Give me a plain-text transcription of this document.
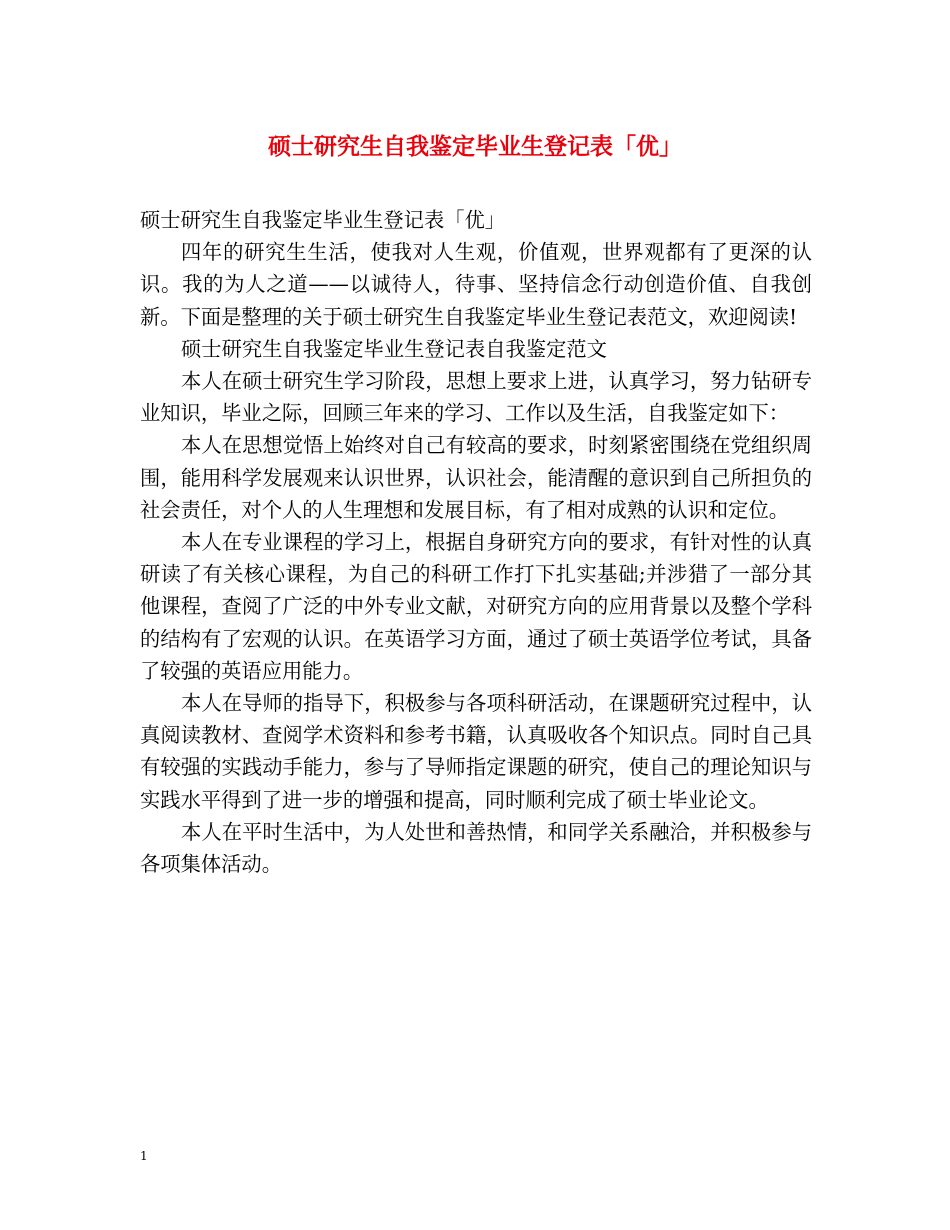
硕士研究生自我鉴定毕业生登记表「优」

硕士研究生自我鉴定毕业生登记表「优」

四年的研究生生活，使我对人生观，价值观，世界观都有了更深的认识。我的为人之道——以诚待人，待事、坚持信念行动创造价值、自我创新。下面是整理的关于硕士研究生自我鉴定毕业生登记表范文，欢迎阅读!

硕士研究生自我鉴定毕业生登记表自我鉴定范文

本人在硕士研究生学习阶段，思想上要求上进，认真学习，努力钻研专业知识，毕业之际，回顾三年来的学习、工作以及生活，自我鉴定如下：

本人在思想觉悟上始终对自己有较高的要求，时刻紧密围绕在党组织周围，能用科学发展观来认识世界，认识社会，能清醒的意识到自己所担负的社会责任，对个人的人生理想和发展目标，有了相对成熟的认识和定位。

本人在专业课程的学习上，根据自身研究方向的要求，有针对性的认真研读了有关核心课程，为自己的科研工作打下扎实基础;并涉猎了一部分其他课程，查阅了广泛的中外专业文献，对研究方向的应用背景以及整个学科的结构有了宏观的认识。在英语学习方面，通过了硕士英语学位考试，具备了较强的英语应用能力。

本人在导师的指导下，积极参与各项科研活动，在课题研究过程中，认真阅读教材、查阅学术资料和参考书籍，认真吸收各个知识点。同时自己具有较强的实践动手能力，参与了导师指定课题的研究，使自己的理论知识与实践水平得到了进一步的增强和提高，同时顺利完成了硕士毕业论文。

本人在平时生活中，为人处世和善热情，和同学关系融洽，并积极参与各项集体活动。

1
